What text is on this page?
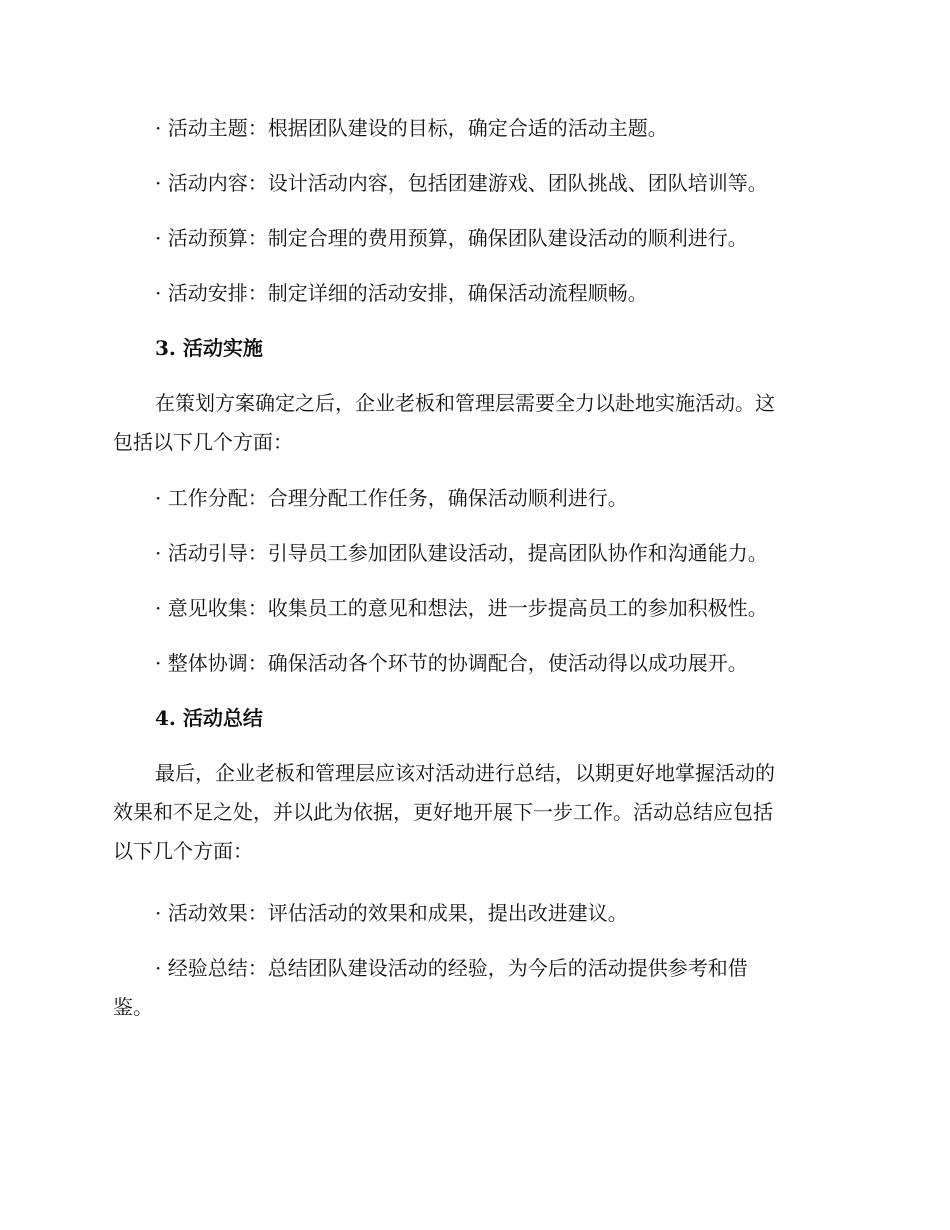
· 活动主题：根据团队建设的目标，确定合适的活动主题。
· 活动内容：设计活动内容，包括团建游戏、团队挑战、团队培训等。
· 活动预算：制定合理的费用预算，确保团队建设活动的顺利进行。
· 活动安排：制定详细的活动安排，确保活动流程顺畅。
3. 活动实施
在策划方案确定之后，企业老板和管理层需要全力以赴地实施活动。这
包括以下几个方面：
· 工作分配：合理分配工作任务，确保活动顺利进行。
· 活动引导：引导员工参加团队建设活动，提高团队协作和沟通能力。
· 意见收集：收集员工的意见和想法，进一步提高员工的参加积极性。
· 整体协调：确保活动各个环节的协调配合，使活动得以成功展开。
4. 活动总结
最后，企业老板和管理层应该对活动进行总结，以期更好地掌握活动的
效果和不足之处，并以此为依据，更好地开展下一步工作。活动总结应包括
以下几个方面：
· 活动效果：评估活动的效果和成果，提出改进建议。
· 经验总结：总结团队建设活动的经验，为今后的活动提供参考和借
鉴。
